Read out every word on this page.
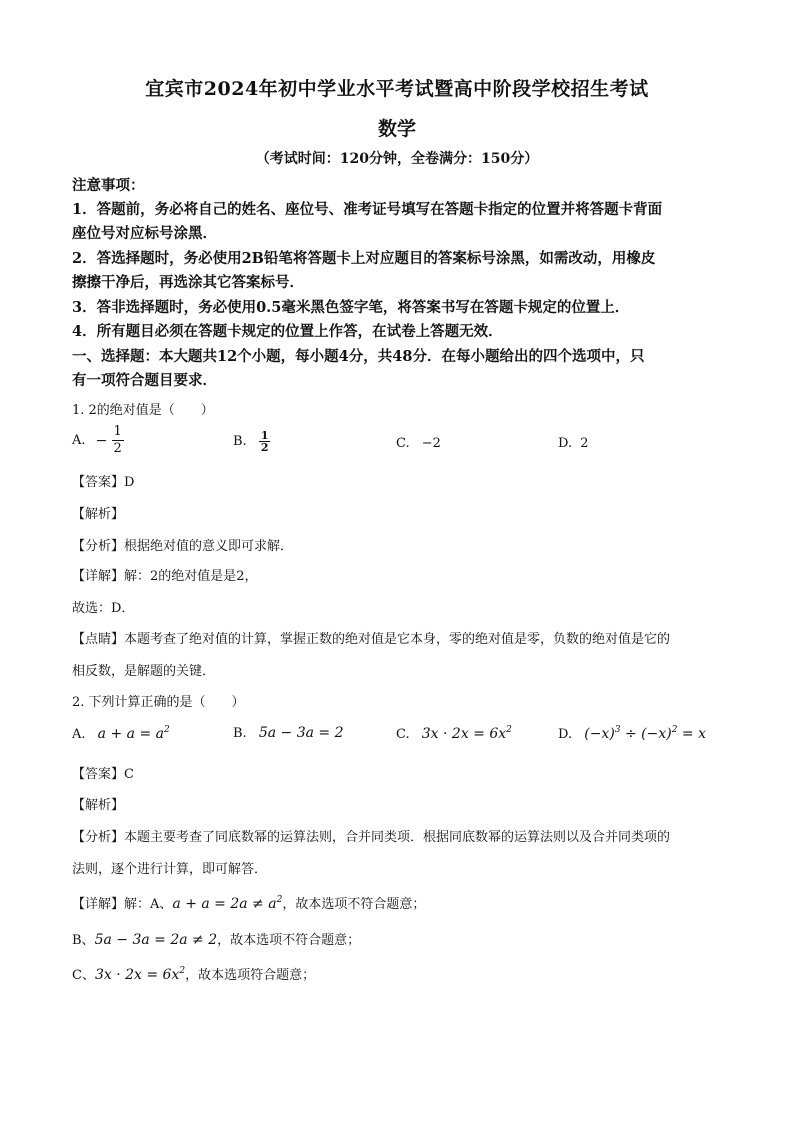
宜宾市2024年初中学业水平考试暨高中阶段学校招生考试
数学
（考试时间：120分钟，全卷满分：150分）
注意事项：
1．答题前，务必将自己的姓名、座位号、准考证号填写在答题卡指定的位置并将答题卡背面
座位号对应标号涂黑．
2．答选择题时，务必使用2B铅笔将答题卡上对应题目的答案标号涂黑，如需改动，用橡皮
擦擦干净后，再选涂其它答案标号．
3．答非选择题时，务必使用0.5毫米黑色签字笔，将答案书写在答题卡规定的位置上．
4．所有题目必须在答题卡规定的位置上作答，在试卷上答题无效．
一、选择题：本大题共12个小题，每小题4分，共48分．在每小题给出的四个选项中，只
有一项符合题目要求．
1. 2的绝对值是（　　）
A. − $\frac{1}{2}$	B. $\frac{1}{2}$	C. −2	D. 2
【答案】D
【解析】
【分析】根据绝对值的意义即可求解．
【详解】解：2的绝对值是是2，
故选：D．
【点睛】本题考查了绝对值的计算，掌握正数的绝对值是它本身，零的绝对值是零，负数的绝对值是它的
相反数，是解题的关键．
2. 下列计算正确的是（　　）
A. $a + a = a^2$	B. 5a − 3a = 2	C. $3x \cdot 2x = 6x^2$	D. $(-x)^3 \div (-x)^2 = x$
【答案】C
【解析】
【分析】本题主要考查了同底数幂的运算法则，合并同类项．根据同底数幂的运算法则以及合并同类项的
法则，逐个进行计算，即可解答．
【详解】解：A、$a + a = 2a \ne a^2$，故本选项不符合题意；
B、5a − 3a = 2a ≠ 2，故本选项不符合题意；
C、$3x \cdot 2x = 6x^2$，故本选项符合题意；
